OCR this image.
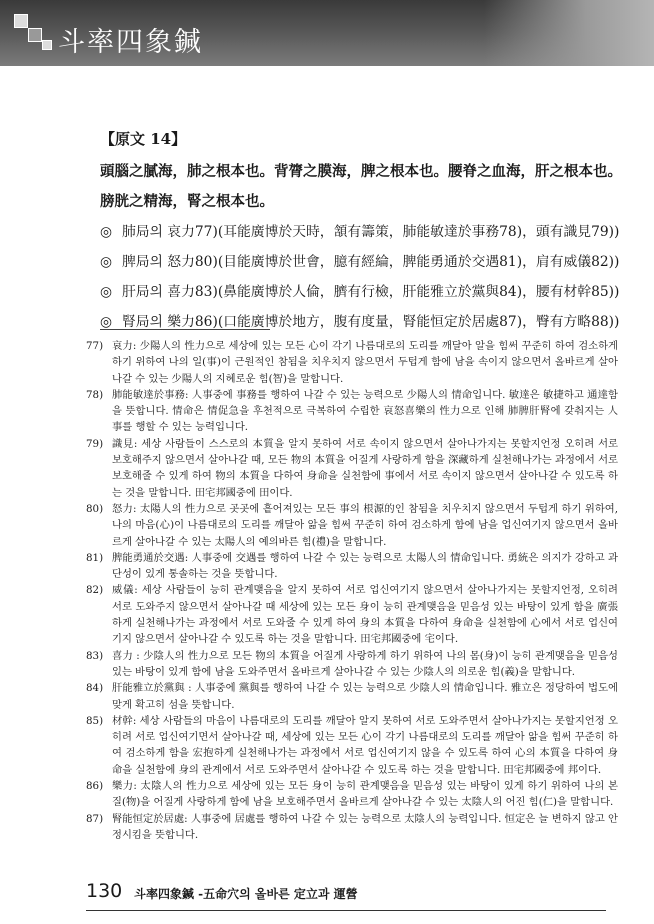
斗率四象鍼
【原文 14】
頭腦之膩海，肺之根本也。背膂之膜海，脾之根本也。腰脊之血海，肝之根本也。
膀胱之精海，腎之根本也。
◎ 肺局의 哀力77)(耳能廣博於天時，頷有籌策，肺能敏達於事務78)，頭有識見79))
◎ 脾局의 怒力80)(目能廣博於世會，臆有經綸，脾能勇通於交遇81)，肩有威儀82))
◎ 肝局의 喜力83)(鼻能廣博於人倫，臍有行檢，肝能雅立於黨與84)，腰有材幹85))
◎ 腎局의 樂力86)(口能廣博於地方，腹有度量，腎能恒定於居處87)，臀有方略88))
77) 哀力: 少陽人의 性力으로 세상에 있는 모든 心이 각기 나름대로의 도리를 깨달아 알을 힘써 꾸준히 하여 검소하게 하기 위하여 나의 일(事)이 근원적인 참됨을 치우치지 않으면서 두텁게 함에 남을 속이지 않으면서 올바르게 살아나갈 수 있는 少陽人의 지혜로운 힘(智)을 말합니다.
78) 肺能敏達於事務: 人事중에 事務를 행하여 나갈 수 있는 능력으로 少陽人의 情命입니다. 敏達은 敏捷하고 通達함을 뜻합니다. 情命은 情促急을 후천적으로 극복하여 수립한 哀怒喜樂의 性力으로 인해 肺脾肝腎에 갖춰지는 人事를 행할 수 있는 능력입니다.
79) 識見: 세상 사람들이 스스로의 本質을 알지 못하여 서로 속이지 않으면서 살아나가지는 못할지언정 오히려 서로 보호해주지 않으면서 살아나갈 때, 모든 物의 本質을 어질게 사랑하게 함을 深藏하게 실천해나가는 과정에서 서로 보호해줄 수 있게 하여 物의 本質을 다하여 身命을 실천함에 事에서 서로 속이지 않으면서 살아나갈 수 있도록 하는 것을 말합니다. 田宅邦國중에 田이다.
80) 怒力: 太陽人의 性力으로 곳곳에 흩어져있는 모든 事의 根源的인 참됨을 치우치지 않으면서 두텁게 하기 위하여, 나의 마음(心)이 나름대로의 도리를 깨달아 앎을 힘써 꾸준히 하여 검소하게 함에 남을 업신여기지 않으면서 올바르게 살아나갈 수 있는 太陽人의 예의바른 힘(禮)을 말합니다.
81) 脾能勇通於交遇: 人事중에 交遇를 행하여 나갈 수 있는 능력으로 太陽人의 情命입니다. 勇統은 의지가 강하고 과단성이 있게 통솔하는 것을 뜻합니다.
82) 威儀: 세상 사람들이 능히 관계맺음을 알지 못하여 서로 업신여기지 않으면서 살아나가지는 못할지언정, 오히려 서로 도와주지 않으면서 살아나갈 때 세상에 있는 모든 身이 능히 관계맺음을 믿음성 있는 바탕이 있게 함을 廣張하게 실천해나가는 과정에서 서로 도와줄 수 있게 하여 身의 本質을 다하여 身命을 실천함에 心에서 서로 업신여기지 않으면서 살아나갈 수 있도록 하는 것을 말합니다. 田宅邦國중에 宅이다.
83) 喜力 : 少陰人의 性力으로 모든 物의 本質을 어질게 사랑하게 하기 위하여 나의 몸(身)이 능히 관계맺음을 믿음성 있는 바탕이 있게 함에 남을 도와주면서 올바르게 살아나갈 수 있는 少陰人의 의로운 힘(義)을 말합니다.
84) 肝能雅立於黨與 : 人事중에 黨與를 행하여 나갈 수 있는 능력으로 少陰人의 情命입니다. 雅立은 정당하여 법도에 맞게 확고히 섬을 뜻합니다.
85) 材幹: 세상 사람들의 마음이 나름대로의 도리를 깨달아 알지 못하여 서로 도와주면서 살아나가지는 못할지언정 오히려 서로 업신여기면서 살아나갈 때, 세상에 있는 모든 心이 각기 나름대로의 도리를 깨달아 앎을 힘써 꾸준히 하여 검소하게 함을 宏抱하게 실천해나가는 과정에서 서로 업신여기지 않을 수 있도록 하여 心의 本質을 다하여 身命을 실천함에 身의 관계에서 서로 도와주면서 살아나갈 수 있도록 하는 것을 말합니다. 田宅邦國중에 邦이다.
86) 樂力: 太陰人의 性力으로 세상에 있는 모든 身이 능히 관계맺음을 믿음성 있는 바탕이 있게 하기 위하여 나의 본질(物)을 어질게 사랑하게 함에 남을 보호해주면서 올바르게 살아나갈 수 있는 太陰人의 어진 힘(仁)을 말합니다.
87) 腎能恒定於居處: 人事중에 居處를 행하여 나갈 수 있는 능력으로 太陰人의 능력입니다. 恒定은 늘 변하지 않고 안정시킴을 뜻합니다.
130 斗率四象鍼 -五命穴의 올바른 定立과 運營
